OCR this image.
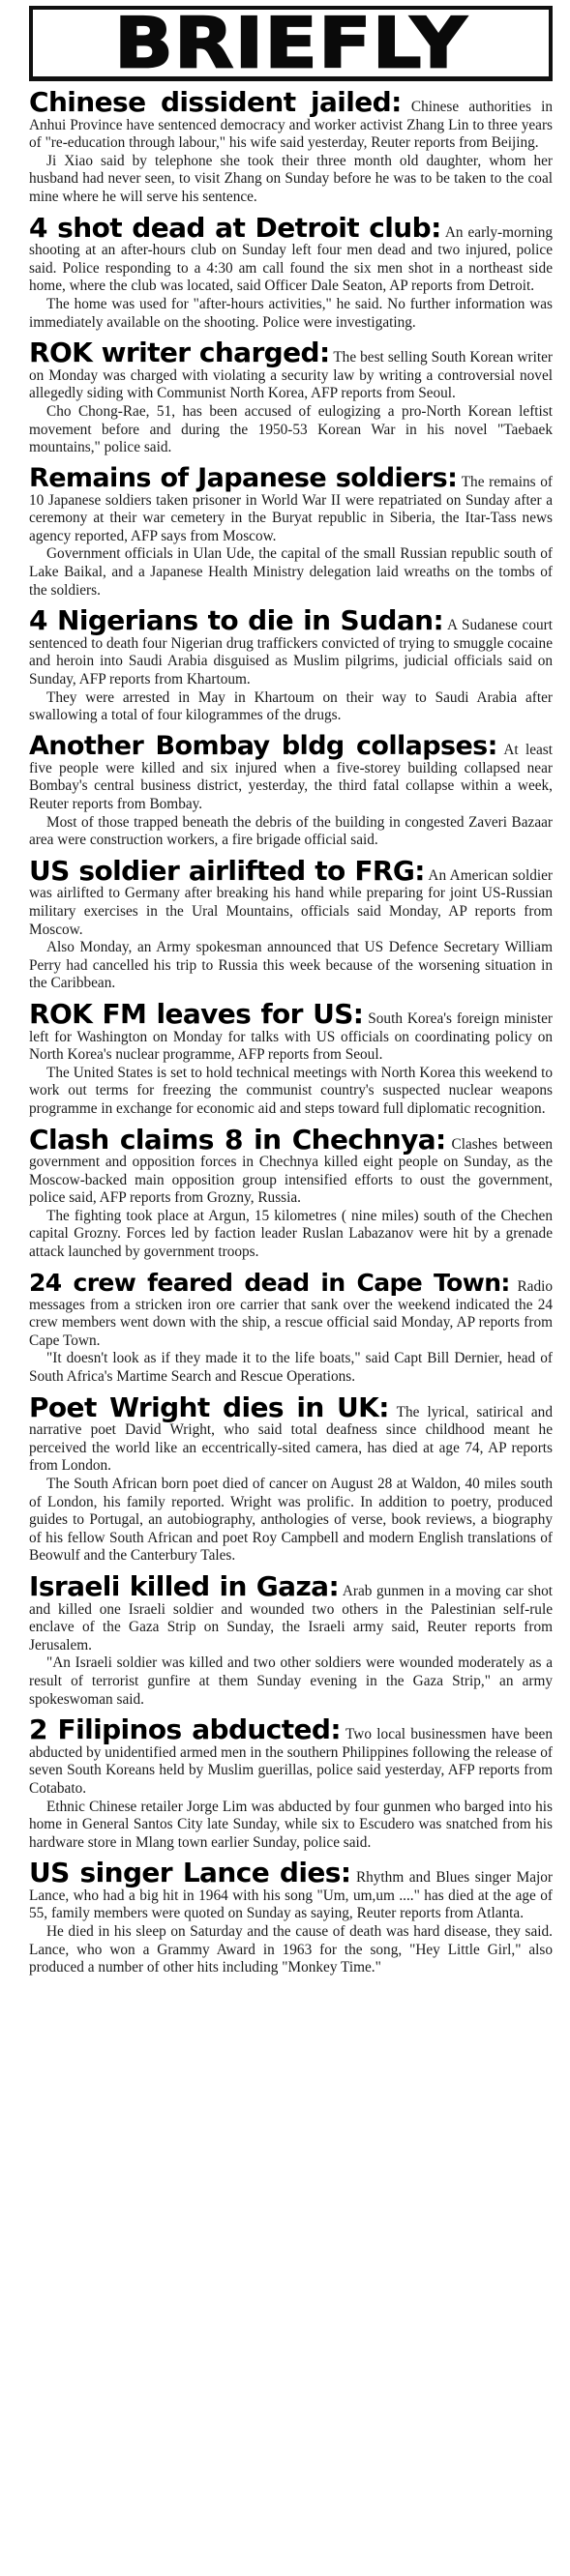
BRIEFLY

Chinese dissident jailed: Chinese authorities in Anhui Province have sentenced democracy and worker activist Zhang Lin to three years of "re-education through labour," his wife said yesterday, Reuter reports from Beijing.

Ji Xiao said by telephone she took their three month old daughter, whom her husband had never seen, to visit Zhang on Sunday before he was to be taken to the coal mine where he will serve his sentence.

4 shot dead at Detroit club: An early-morning shooting at an after-hours club on Sunday left four men dead and two injured, police said. Police responding to a 4:30 am call found the six men shot in a northeast side home, where the club was located, said Officer Dale Seaton, AP reports from Detroit.

The home was used for "after-hours activities," he said. No further information was immediately available on the shooting. Police were investigating.

ROK writer charged: The best selling South Korean writer on Monday was charged with violating a security law by writing a controversial novel allegedly siding with Communist North Korea, AFP reports from Seoul.

Cho Chong-Rae, 51, has been accused of eulogizing a pro-North Korean leftist movement before and during the 1950-53 Korean War in his novel "Taebaek mountains," police said.

Remains of Japanese soldiers: The remains of 10 Japanese soldiers taken prisoner in World War II were repatriated on Sunday after a ceremony at their war cemetery in the Buryat republic in Siberia, the Itar-Tass news agency reported, AFP says from Moscow.

Government officials in Ulan Ude, the capital of the small Russian republic south of Lake Baikal, and a Japanese Health Ministry delegation laid wreaths on the tombs of the soldiers.

4 Nigerians to die in Sudan: A Sudanese court sentenced to death four Nigerian drug traffickers convicted of trying to smuggle cocaine and heroin into Saudi Arabia disguised as Muslim pilgrims, judicial officials said on Sunday, AFP reports from Khartoum.

They were arrested in May in Khartoum on their way to Saudi Arabia after swallowing a total of four kilogrammes of the drugs.

Another Bombay bldg collapses: At least five people were killed and six injured when a five-storey building collapsed near Bombay's central business district, yesterday, the third fatal collapse within a week, Reuter reports from Bombay.

Most of those trapped beneath the debris of the building in congested Zaveri Bazaar area were construction workers, a fire brigade official said.

US soldier airlifted to FRG: An American soldier was airlifted to Germany after breaking his hand while preparing for joint US-Russian military exercises in the Ural Mountains, officials said Monday, AP reports from Moscow.

Also Monday, an Army spokesman announced that US Defence Secretary William Perry had cancelled his trip to Russia this week because of the worsening situation in the Caribbean.

ROK FM leaves for US: South Korea's foreign minister left for Washington on Monday for talks with US officials on coordinating policy on North Korea's nuclear programme, AFP reports from Seoul.

The United States is set to hold technical meetings with North Korea this weekend to work out terms for freezing the communist country's suspected nuclear weapons programme in exchange for economic aid and steps toward full diplomatic recognition.

Clash claims 8 in Chechnya: Clashes between government and opposition forces in Chechnya killed eight people on Sunday, as the Moscow-backed main opposition group intensified efforts to oust the government, police said, AFP reports from Grozny, Russia.

The fighting took place at Argun, 15 kilometres ( nine miles) south of the Chechen capital Grozny. Forces led by faction leader Ruslan Labazanov were hit by a grenade attack launched by government troops.

24 crew feared dead in Cape Town: Radio messages from a stricken iron ore carrier that sank over the weekend indicated the 24 crew members went down with the ship, a rescue official said Monday, AP reports from Cape Town.

"It doesn't look as if they made it to the life boats," said Capt Bill Dernier, head of South Africa's Martime Search and Rescue Operations.

Poet Wright dies in UK: The lyrical, satirical and narrative poet David Wright, who said total deafness since childhood meant he perceived the world like an eccentrically-sited camera, has died at age 74, AP reports from London.

The South African born poet died of cancer on August 28 at Waldon, 40 miles south of London, his family reported. Wright was prolific. In addition to poetry, produced guides to Portugal, an autobiography, anthologies of verse, book reviews, a biography of his fellow South African and poet Roy Campbell and modern English translations of Beowulf and the Canterbury Tales.

Israeli killed in Gaza: Arab gunmen in a moving car shot and killed one Israeli soldier and wounded two others in the Palestinian self-rule enclave of the Gaza Strip on Sunday, the Israeli army said, Reuter reports from Jerusalem.

"An Israeli soldier was killed and two other soldiers were wounded moderately as a result of terrorist gunfire at them Sunday evening in the Gaza Strip," an army spokeswoman said.

2 Filipinos abducted: Two local businessmen have been abducted by unidentified armed men in the southern Philippines following the release of seven South Koreans held by Muslim guerillas, police said yesterday, AFP reports from Cotabato.

Ethnic Chinese retailer Jorge Lim was abducted by four gunmen who barged into his home in General Santos City late Sunday, while six to Escudero was snatched from his hardware store in Mlang town earlier Sunday, police said.

US singer Lance dies: Rhythm and Blues singer Major Lance, who had a big hit in 1964 with his song "Um, um,um ...." has died at the age of 55, family members were quoted on Sunday as saying, Reuter reports from Atlanta.

He died in his sleep on Saturday and the cause of death was hard disease, they said. Lance, who won a Grammy Award in 1963 for the song, "Hey Little Girl," also produced a number of other hits including "Monkey Time."
